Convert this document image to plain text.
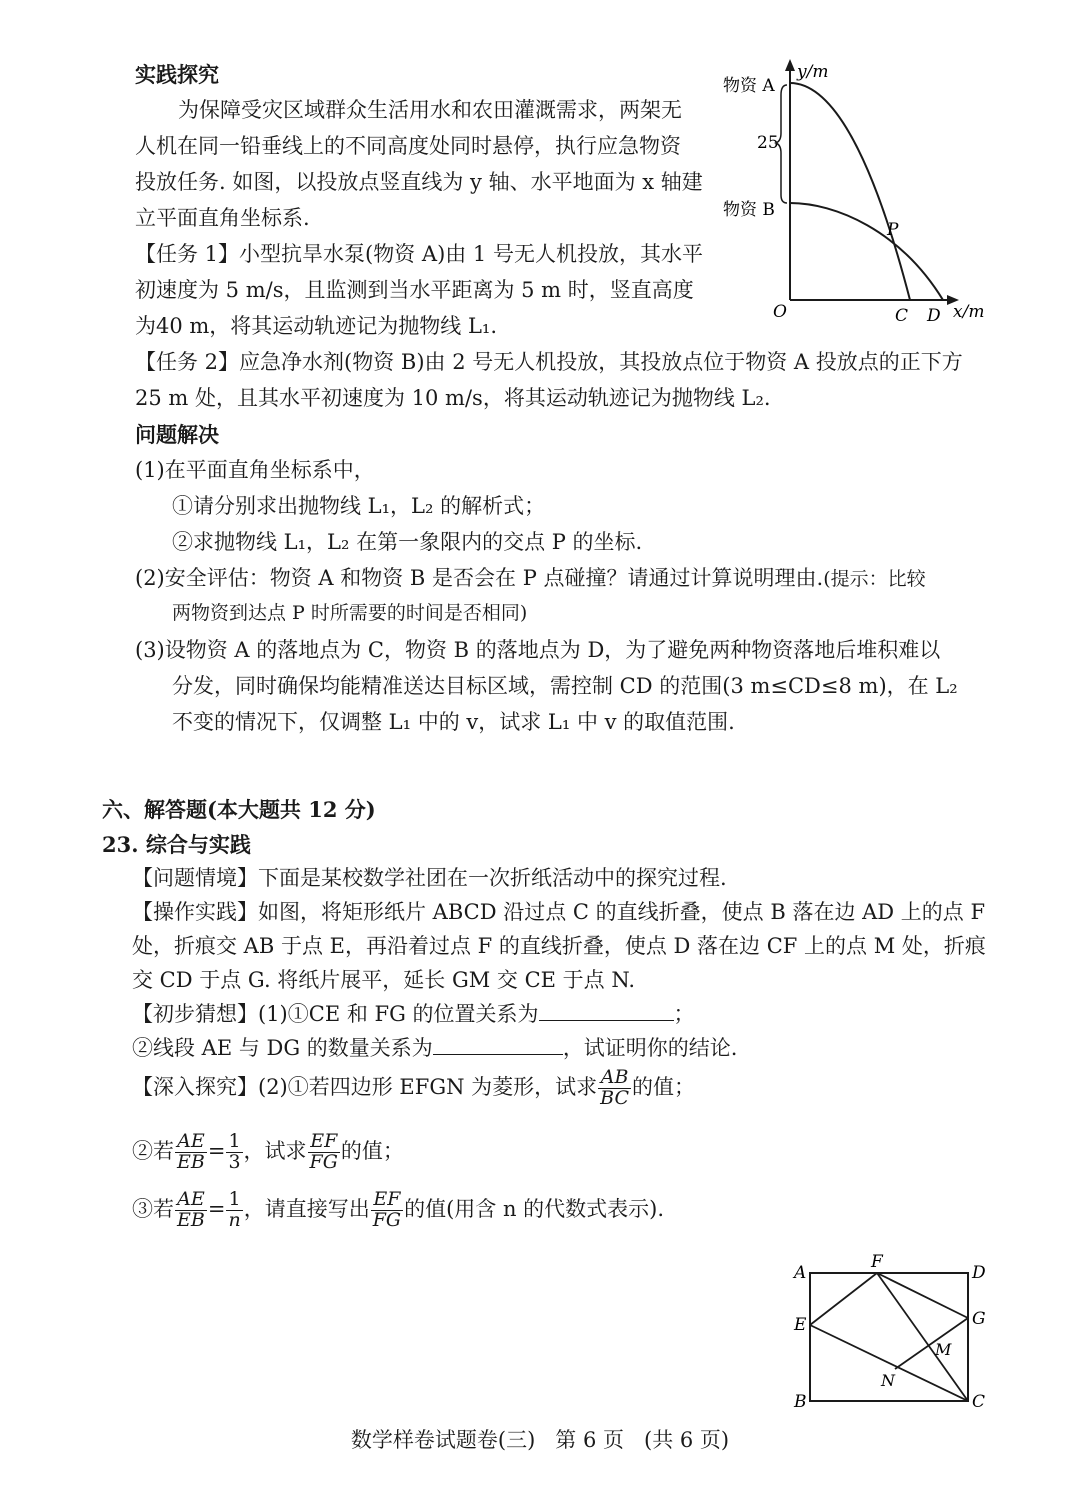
实践探究
为保障受灾区域群众生活用水和农田灌溉需求，两架无
人机在同一铅垂线上的不同高度处同时悬停，执行应急物资
投放任务. 如图，以投放点竖直线为 y 轴、水平地面为 x 轴建
立平面直角坐标系.
【任务 1】小型抗旱水泵(物资 A)由 1 号无人机投放，其水平
初速度为 5 m/s，且监测到当水平距离为 5 m 时，竖直高度
为40 m，将其运动轨迹记为抛物线 L₁.
【任务 2】应急净水剂(物资 B)由 2 号无人机投放，其投放点位于物资 A 投放点的正下方
25 m 处，且其水平初速度为 10 m/s，将其运动轨迹记为抛物线 L₂.
问题解决
(1)在平面直角坐标系中，
①请分别求出抛物线 L₁，L₂ 的解析式；
②求抛物线 L₁，L₂ 在第一象限内的交点 P 的坐标.
(2)安全评估：物资 A 和物资 B 是否会在 P 点碰撞？请通过计算说明理由.(提示：比较
两物资到达点 P 时所需要的时间是否相同)
(3)设物资 A 的落地点为 C，物资 B 的落地点为 D，为了避免两种物资落地后堆积难以
分发，同时确保均能精准送达目标区域，需控制 CD 的范围(3 m≤CD≤8 m)，在 L₂
不变的情况下，仅调整 L₁ 中的 v，试求 L₁ 中 v 的取值范围.
y/m
x/m
物资 A
物资 B
25
O
P
C D
六、解答题(本大题共 12 分)
23. 综合与实践
【问题情境】下面是某校数学社团在一次折纸活动中的探究过程.
【操作实践】如图，将矩形纸片 ABCD 沿过点 C 的直线折叠，使点 B 落在边 AD 上的点 F
处，折痕交 AB 于点 E，再沿着过点 F 的直线折叠，使点 D 落在边 CF 上的点 M 处，折痕
交 CD 于点 G. 将纸片展平，延长 GM 交 CE 于点 N.
【初步猜想】(1)①CE 和 FG 的位置关系为	；
②线段 AE 与 DG 的数量关系为	，试证明你的结论.
【深入探究】(2)①若四边形 EFGN 为菱形，试求 $\frac{AB}{BC}$ 的值；
②若 $\frac{AE}{EB} = \frac{1}{3}$ ，试求 $\frac{EF}{FG}$ 的值；
③若 $\frac{AE}{EB} = \frac{1}{n}$ ，请直接写出 $\frac{EF}{FG}$ 的值(用含 n 的代数式表示).
A
B	C
D
E
F
G
M
N
数学样卷试题卷(三)   第 6 页   (共 6 页)
